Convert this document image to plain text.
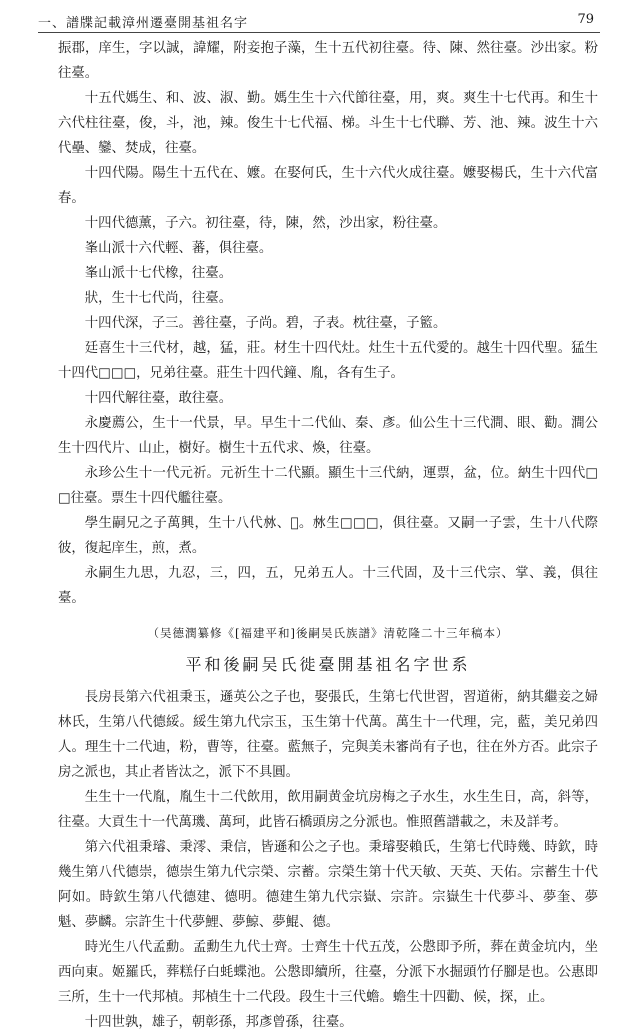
一、譜牒記載漳州遷臺開基祖名字	79

振郡，庠生，字以誠，諱耀，附妾抱子藻，生十五代初往臺。待、陳、然往臺。沙出家。粉往臺。

十五代媽生、和、波、淑、勤。媽生生十六代節往臺，用，爽。爽生十七代再。和生十六代柱往臺，俊，斗，池，辣。俊生十七代福、梯。斗生十七代聯、芳、池、辣。波生十六代壘、鑾、焚成，往臺。

十四代陽。陽生十五代在、嬤。在娶何氏，生十六代火成往臺。嬤娶楊氏，生十六代富春。

十四代德薰，子六。初往臺，待，陳，然，沙出家，粉往臺。

峯山派十六代輕、蕃，俱往臺。

峯山派十七代橡，往臺。

狀，生十七代尚，往臺。

十四代深，子三。善往臺，子尚。碧，子表。枕往臺，子籃。

廷喜生十三代材，越，猛，莊。材生十四代灶。灶生十五代愛的。越生十四代聖。猛生十四代□□□，兄弟往臺。莊生十四代鐘、胤，各有生子。

十四代解往臺，敢往臺。

永慶薦公，生十一代景，早。早生十二代仙、秦、彥。仙公生十三代澗、眼、勸。澗公生十四代片、山止，樹好。樹生十五代求、煥，往臺。

永珍公生十一代元祈。元祈生十二代顯。顯生十三代納，運票，盆，位。納生十四代□□往臺。票生十四代艦往臺。

學生嗣兄之子萬興，生十八代沝、𣲖。沝生□□□，俱往臺。又嗣一子雲，生十八代際彼，復起庠生，煎，煮。

永嗣生九思，九忍，三，四，五，兄弟五人。十三代固，及十三代宗、掌、義，俱往臺。

（吴德潤纂修《[福建平和]後嗣吴氏族譜》清乾隆二十三年稿本）
平和後嗣吴氏徙臺開基祖名字世系

長房長第六代祖秉玉，遜英公之子也，娶張氏，生第七代世習，習道術，納其繼妾之婦林氏，生第八代德綏。綏生第九代宗玉，玉生第十代萬。萬生十一代理，完，藍，美兄弟四人。理生十二代迪，粉，曹等，往臺。藍無子，完與美未審尚有子也，往在外方否。此宗子房之派也，其止者皆汰之，派下不具圓。

生生十一代胤，胤生十二代飲用，飲用嗣黄金坑房梅之子水生，水生生日，高，斜等，往臺。大貢生十一代萬璣、萬珂，此皆石橋頭房之分派也。惟照舊譜載之，未及詳考。

第六代祖秉璿、秉澪、秉信，皆遜和公之子也。秉璿娶賴氏，生第七代時幾、時欽，時幾生第八代德崇，德崇生第九代宗榮、宗蓄。宗榮生第十代天敏、天英、天佑。宗蓄生十代阿如。時欽生第八代德建、德明。德建生第九代宗嶽、宗許。宗嶽生十代夢斗、夢奎、夢魁、夢麟。宗許生十代夢鯉、夢鯨、夢鯤、德。

時光生八代孟勳。孟勳生九代士齊。士齊生十代五茂，公慇即予所，葬在黄金坑内，坐西向東。姬羅氏，葬糕仔白蚝蝶池。公慇即續所，往臺，分派下水掘頭竹仔腳是也。公惠即三所，生十一代邦楨。邦楨生十二代段。段生十三代蟾。蟾生十四勸、候，探，止。

十四世孰，雄子，朝彰孫，邦彥曾孫，往臺。
